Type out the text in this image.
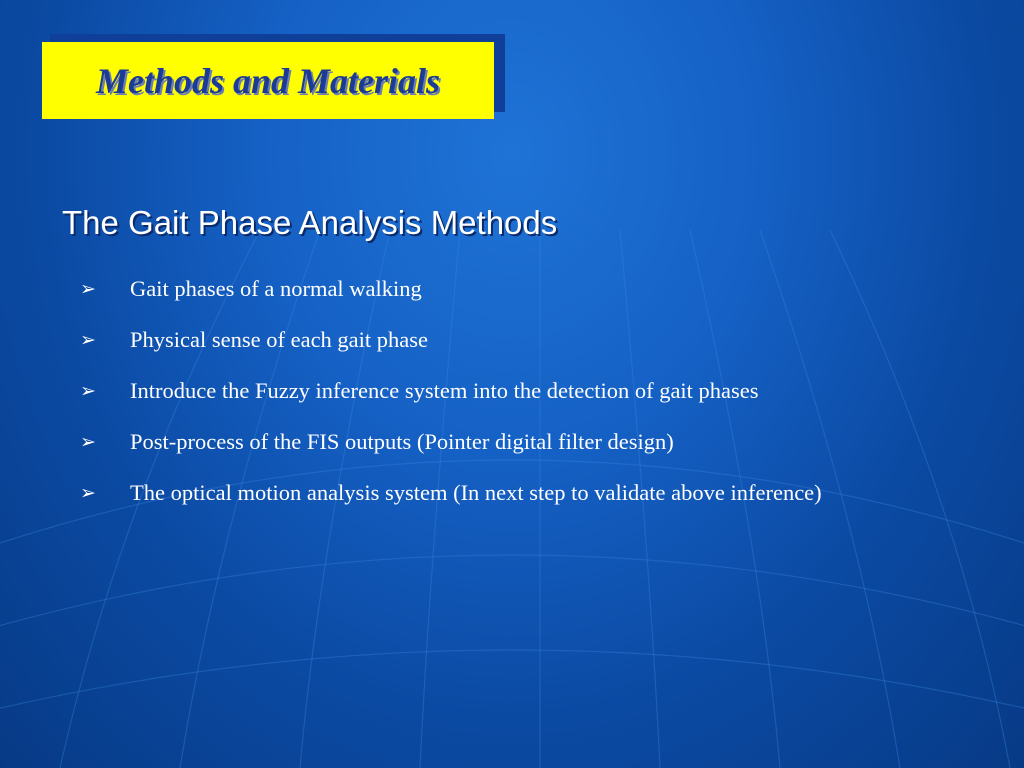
Methods and Materials
The Gait Phase Analysis Methods
➢	Gait phases of a normal walking
➢	Physical sense of each gait phase
➢	Introduce the Fuzzy inference system into the detection of gait phases
➢	Post-process of the FIS outputs (Pointer digital filter design)
➢	The optical motion analysis system (In next step to validate above inference)
